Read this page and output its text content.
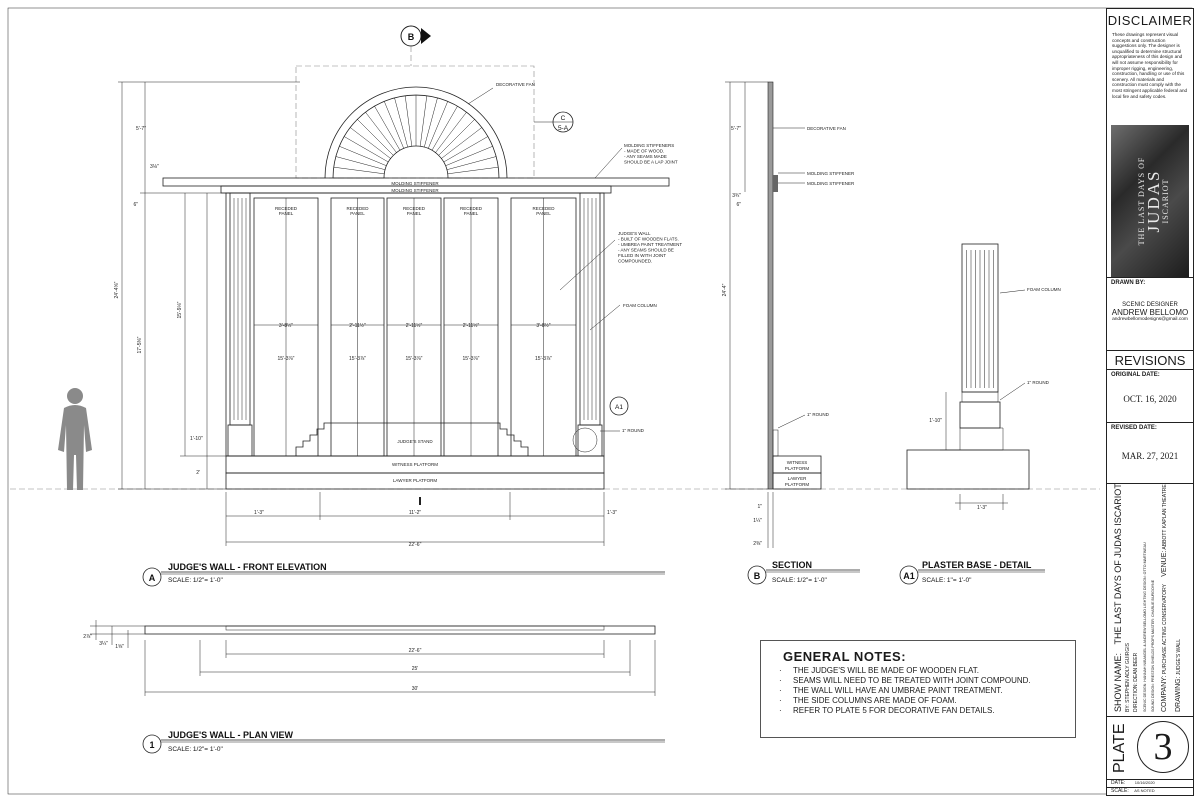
RECEDED
PANEL
3'-8½"
15'-3⅞"
RECEDED
PANEL
2'-11½"
15'-3⅞"
RECEDED
PANEL
2'-11½"
15'-3⅞"
RECEDED
PANEL
2'-11½"
15'-3⅞"
RECEDED
PANEL
3'-8½"
15'-3⅞"
JUDGE'S STAND
WITNESS PLATFORM
LAWYER PLATFORM
MOLDING STIFFENER
MOLDING STIFFENER
B
C
5-A
A1
DECORATIVE FAN
MOLDING STIFFENERS
- MADE OF WOOD.
- ANY SEAMS MADE
SHOULD BE A LAP JOINT
JUDGE'S WALL
- BUILT OF WOODEN FLATS.
- UMBREA PAINT TREATMENT
- ANY SEAMS SHOULD BE
FILLED IN WITH JOINT
COMPOUNDED.
FOAM COLUMN
1" ROUND
24'-4⅝"
5'-7"
3⅛"
6"
17'-5⅜"
15'-9⅛"
1'-10"
2'
1'-3"	11'-2"	1'-3"
22'-6"
5'-7"
3¾"
6"
24'-4"
DECORATIVE FAN
MOLDING STIFFENER
MOLDING STIFFENER
1" ROUND
WITNESS
PLATFORM
LAWYER
PLATFORM
1"
1¼"
2⅜"
1'-10"
1'-3"
FOAM COLUMN
1" ROUND
2⅞"
3¼" 1⅝"
22'-6"
25'
30'
A
JUDGE'S WALL - FRONT ELEVATION
SCALE: 1/2"= 1'-0"	B
SECTION
SCALE: 1/2"= 1'-0"	A1
PLASTER BASE - DETAIL
SCALE: 1"= 1'-0"
1
JUDGE'S WALL - PLAN VIEW
SCALE: 1/2"= 1'-0"
GENERAL NOTES:
· THE JUDGE'S WILL BE MADE OF WOODEN FLAT.
· SEAMS WILL NEED TO BE TREATED WITH JOINT COMPOUND.
· THE WALL WILL HAVE AN UMBRAE PAINT TREATMENT.
· THE SIDE COLUMNS ARE MADE OF FOAM.
· REFER TO PLATE 5 FOR DECORATIVE FAN DETAILS.
DISCLAIMER
These drawings represent visual concepts and construction suggestions only. The designer is unqualified to determine structural appropriateness of this design and will not assume responsibility for improper rigging, engineering, construction, handling or use of this scenery. All materials and construction must comply with the most stringent applicable federal and local fire and safety codes.
THE LAST DAYS OF
JUDAS
ISCARIOT
DRAWN BY:
SCENIC DESIGNER
ANDREW BELLOMO
andrewbellomodesigns@gmail.com
REVISIONS
ORIGINAL DATE:
OCT. 16, 2020
REVISED DATE:
MAR. 27, 2021
SHOW NAME: THE LAST DAYS OF JUDAS ISCARIOT
BY: STEPHEN ADLY GUIRGIS DIRECTION: DEAN BEER SCENIC DESIGN: HANNAH NIBANDEL & ANDREW BELLOMO LIGHTING DESIGN: OTTO MARTINEAU SOUND DESIGN: PRESTON SHIELDS PROPS MASTER: CHARLIE BURGOYNE COMPANY: PURCHASE ACTING CONSERVATORY VENUE: ABBOTT KAPLAN THEATRE
DRAWING: JUDGE'S WALL
PLATE 3
DATE: 10/16/2020
SCALE: AS NOTED
